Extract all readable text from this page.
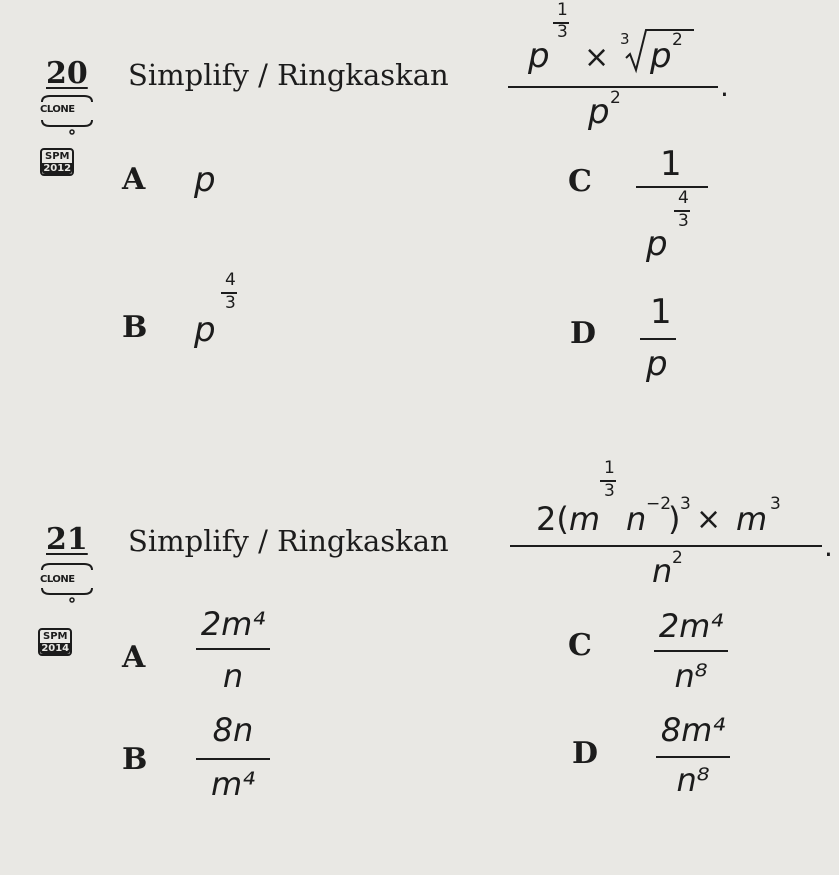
20 Simplify / Ringkaskan
CLONE
SPM
2012
p
1
3
×
3 p 2
p 2	.
A p
B p
4
3
C 1
p
4
3
D
1
p
21 Simplify / Ringkaskan
CLONE
SPM
2014
2(m
1
3
n −2
) 3 × m 3
n 2	.
A
2m⁴
n
B
8n
m⁴
C
2m⁴
n⁸
D
8m⁴
n⁸
